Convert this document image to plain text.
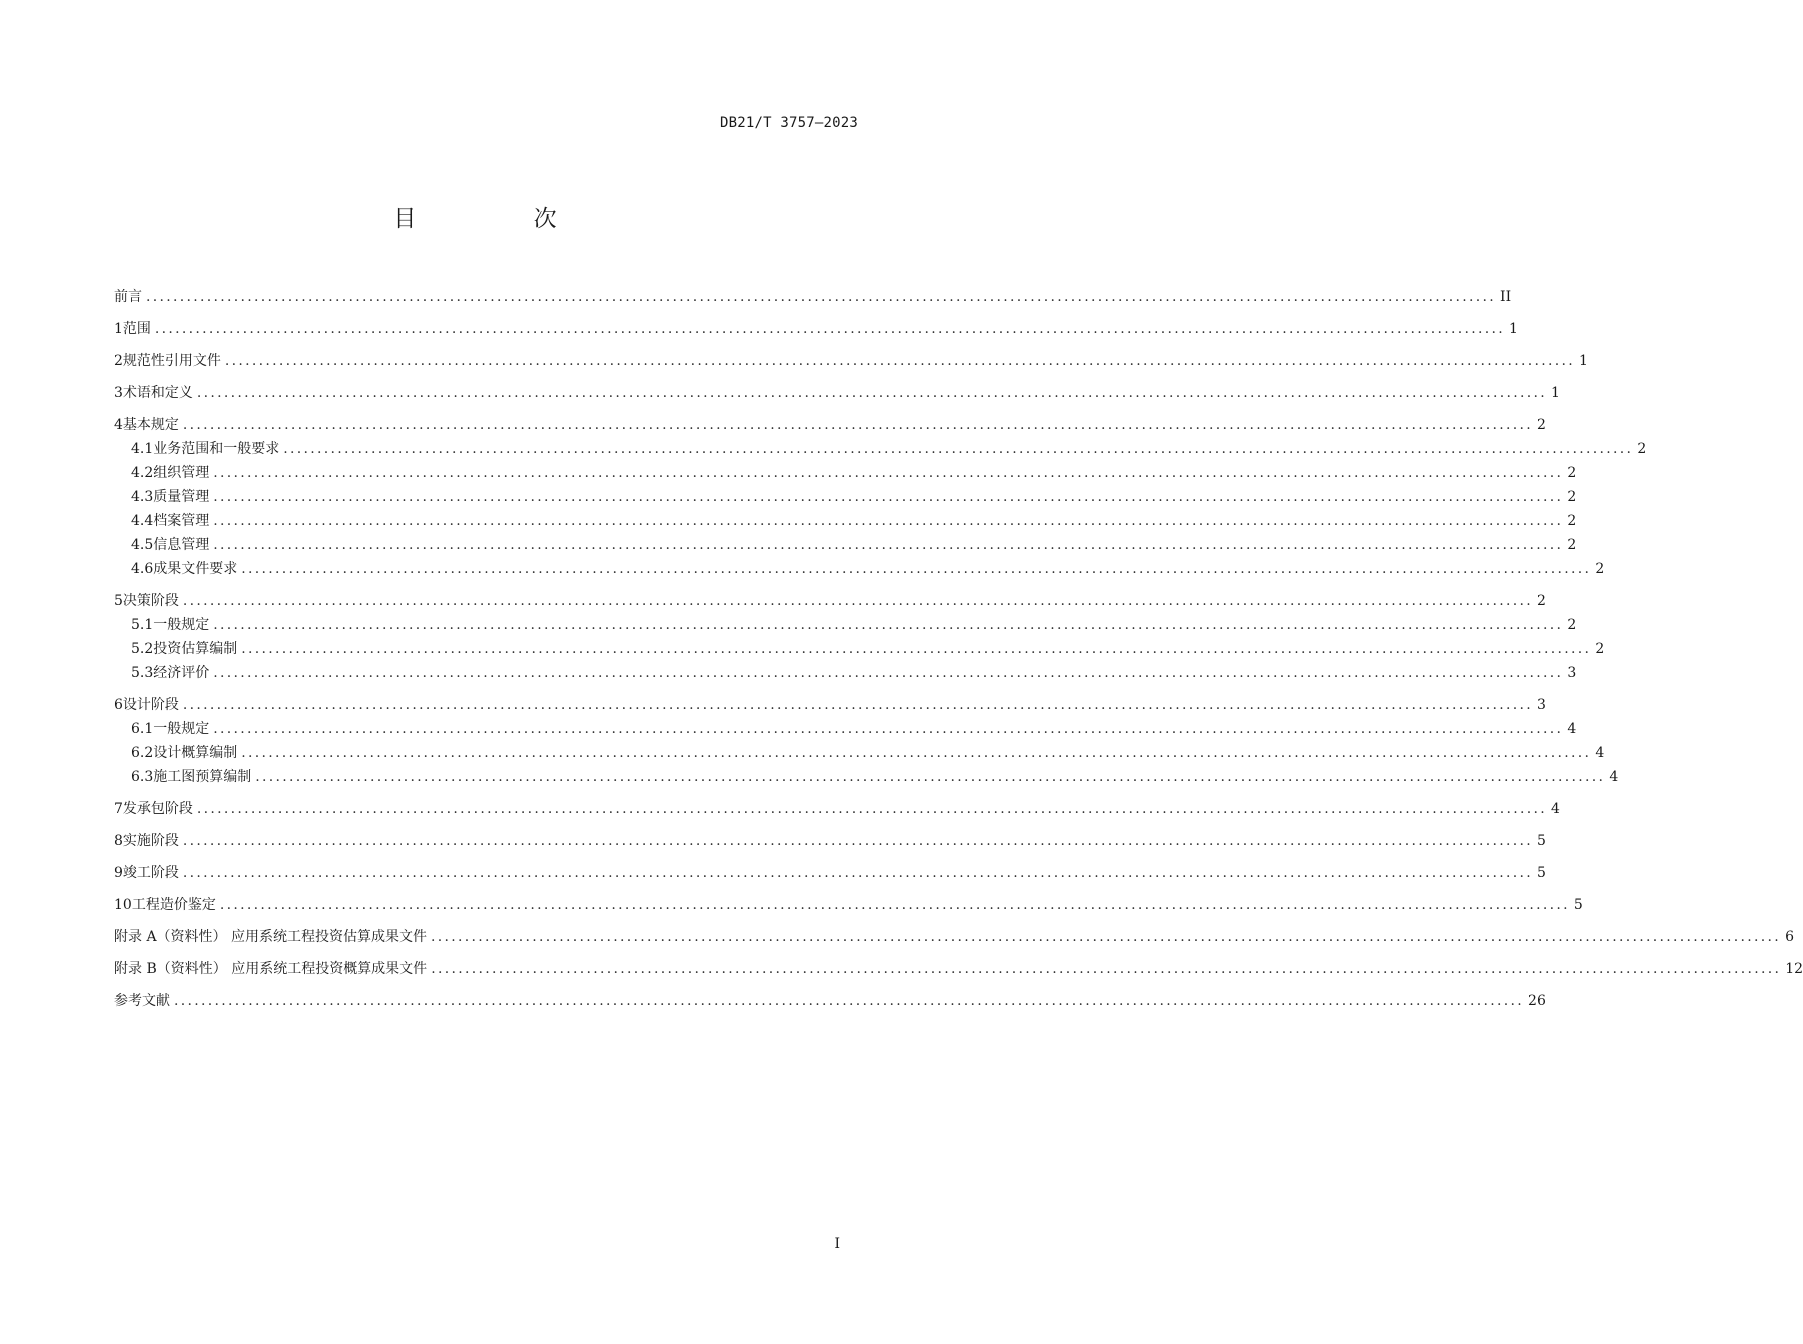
DB21/T 3757—2023
目 次
前言 ........................................................................................................................................................................................................ II
1 范围 ........................................................................................................................................................................................................ 1
2 规范性引用文件 ........................................................................................................................................................................................................ 1
3 术语和定义 ........................................................................................................................................................................................................ 1
4 基本规定 ........................................................................................................................................................................................................ 2
4.1 业务范围和一般要求 ........................................................................................................................................................................................................ 2
4.2 组织管理 ........................................................................................................................................................................................................ 2
4.3 质量管理 ........................................................................................................................................................................................................ 2
4.4 档案管理 ........................................................................................................................................................................................................ 2
4.5 信息管理 ........................................................................................................................................................................................................ 2
4.6 成果文件要求 ........................................................................................................................................................................................................ 2
5 决策阶段 ........................................................................................................................................................................................................ 2
5.1 一般规定 ........................................................................................................................................................................................................ 2
5.2 投资估算编制 ........................................................................................................................................................................................................ 2
5.3 经济评价 ........................................................................................................................................................................................................ 3
6 设计阶段 ........................................................................................................................................................................................................ 3
6.1 一般规定 ........................................................................................................................................................................................................ 4
6.2 设计概算编制 ........................................................................................................................................................................................................ 4
6.3 施工图预算编制 ........................................................................................................................................................................................................ 4
7 发承包阶段 ........................................................................................................................................................................................................ 4
8 实施阶段 ........................................................................................................................................................................................................ 5
9 竣工阶段 ........................................................................................................................................................................................................ 5
10 工程造价鉴定 ........................................................................................................................................................................................................ 5
附录 A（资料性） 应用系统工程投资估算成果文件 ........................................................................................................................................................................................................ 6
附录 B（资料性） 应用系统工程投资概算成果文件 ........................................................................................................................................................................................................ 12
参考文献 ........................................................................................................................................................................................................ 26
I
